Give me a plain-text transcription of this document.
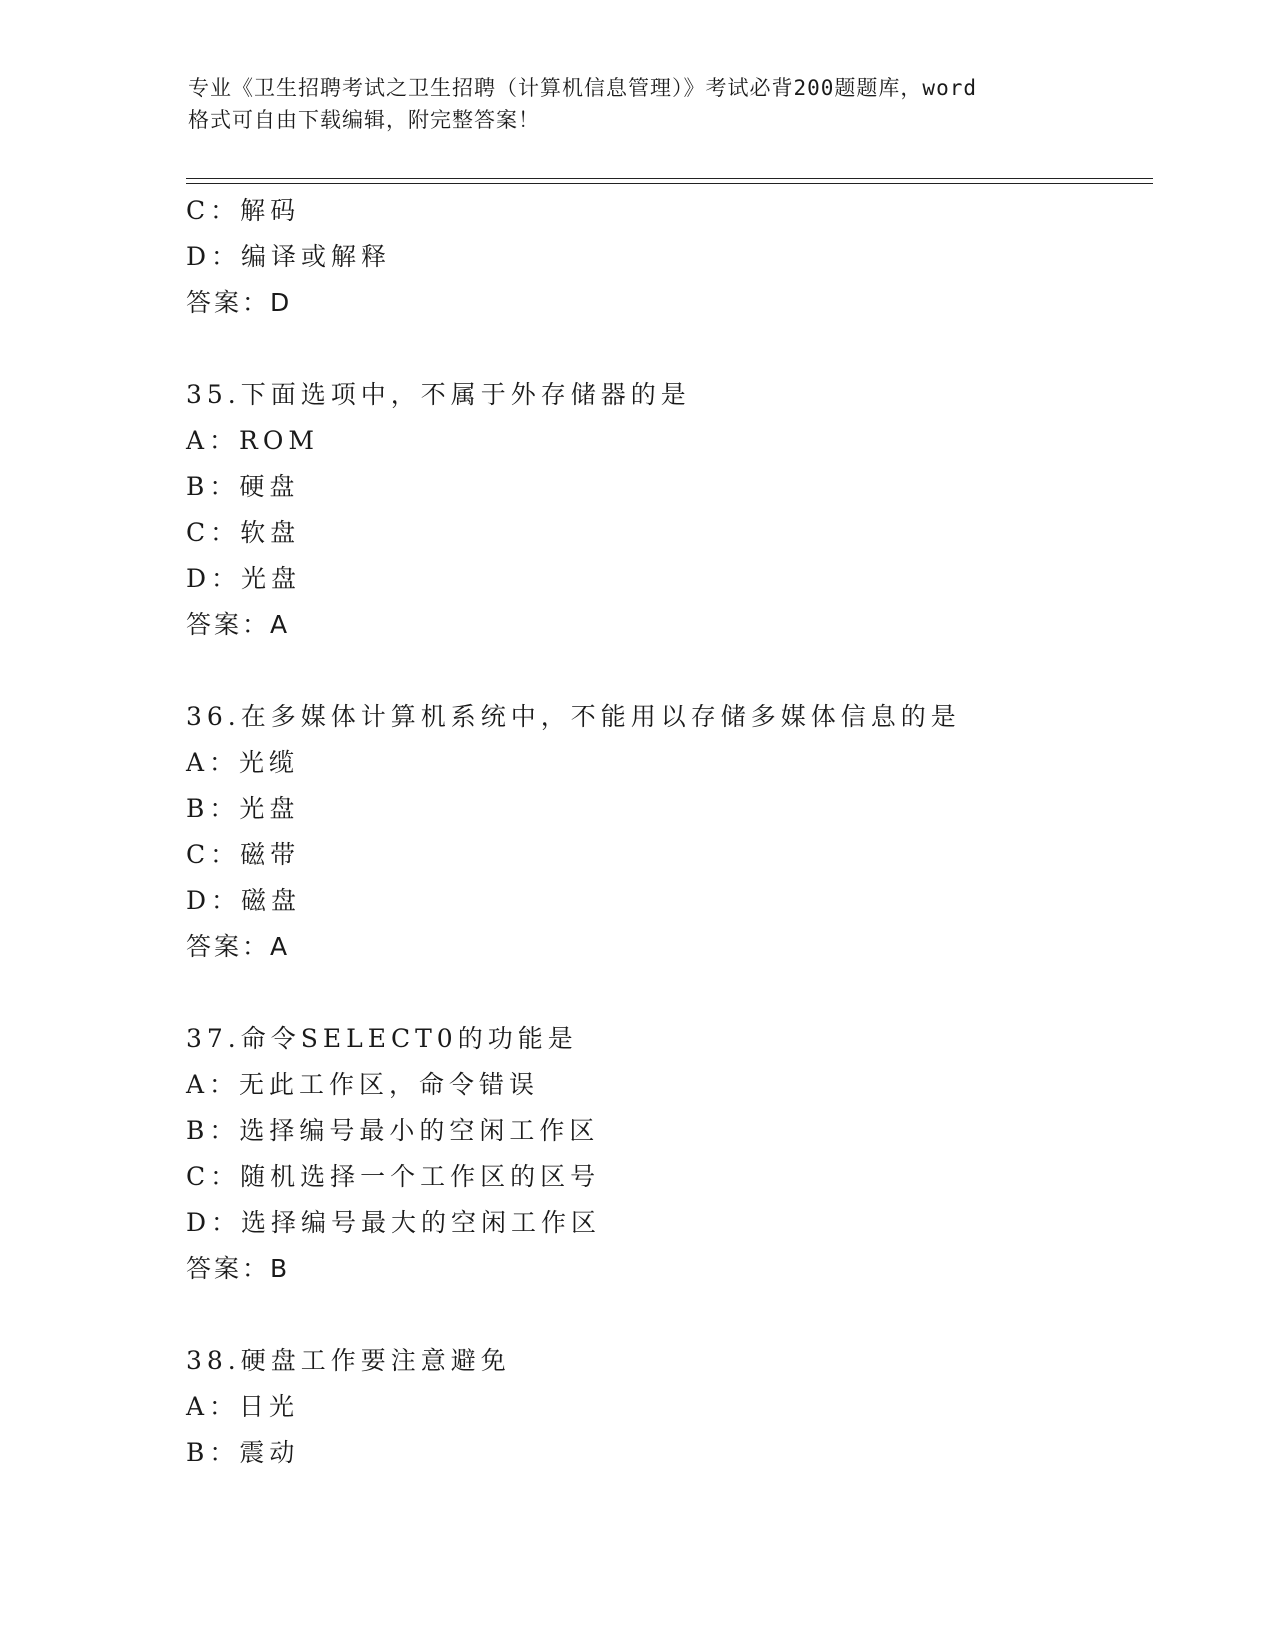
专业《卫生招聘考试之卫生招聘（计算机信息管理）》考试必背200题题库，word
格式可自由下载编辑，附完整答案！
C：解码
D：编译或解释
答案：D
35.下面选项中，不属于外存储器的是
A：ROM
B：硬盘
C：软盘
D：光盘
答案：A
36.在多媒体计算机系统中，不能用以存储多媒体信息的是
A：光缆
B：光盘
C：磁带
D：磁盘
答案：A
37.命令SELECT0的功能是
A：无此工作区，命令错误
B：选择编号最小的空闲工作区
C：随机选择一个工作区的区号
D：选择编号最大的空闲工作区
答案：B
38.硬盘工作要注意避免
A：日光
B：震动
